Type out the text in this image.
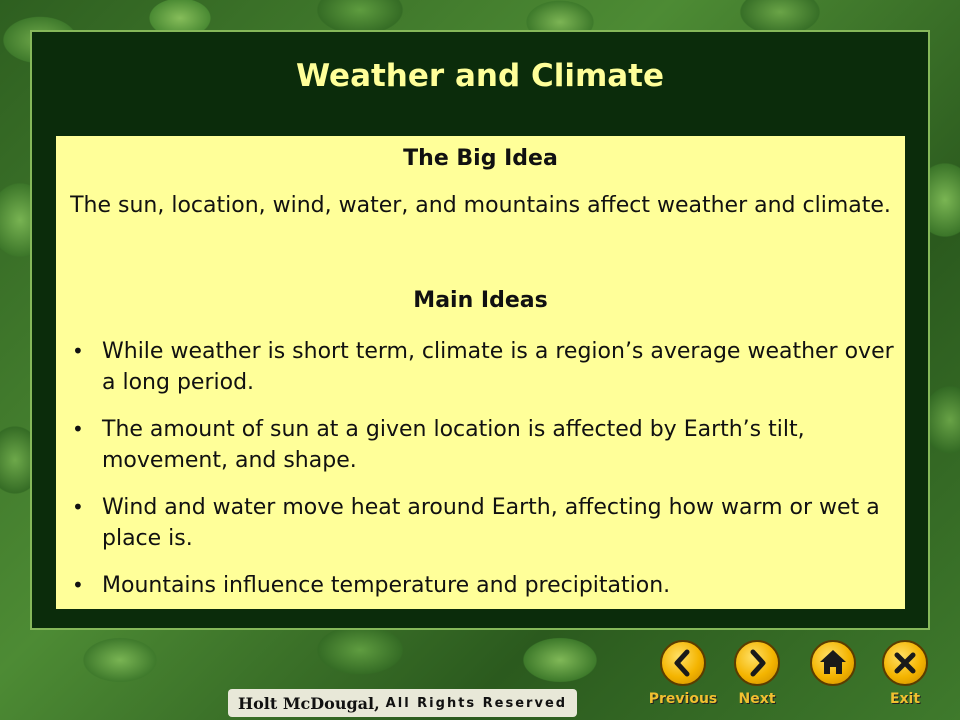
Weather and Climate
The Big Idea
The sun, location, wind, water, and mountains affect weather and climate.
Main Ideas
• While weather is short term, climate is a region’s average weather over a long period.
• The amount of sun at a given location is affected by Earth’s tilt, movement, and shape.
• Wind and water move heat around Earth, affecting how warm or wet a place is.
• Mountains influence temperature and precipitation.
Previous	Next	Exit
Holt McDougal, All Rights Reserved
